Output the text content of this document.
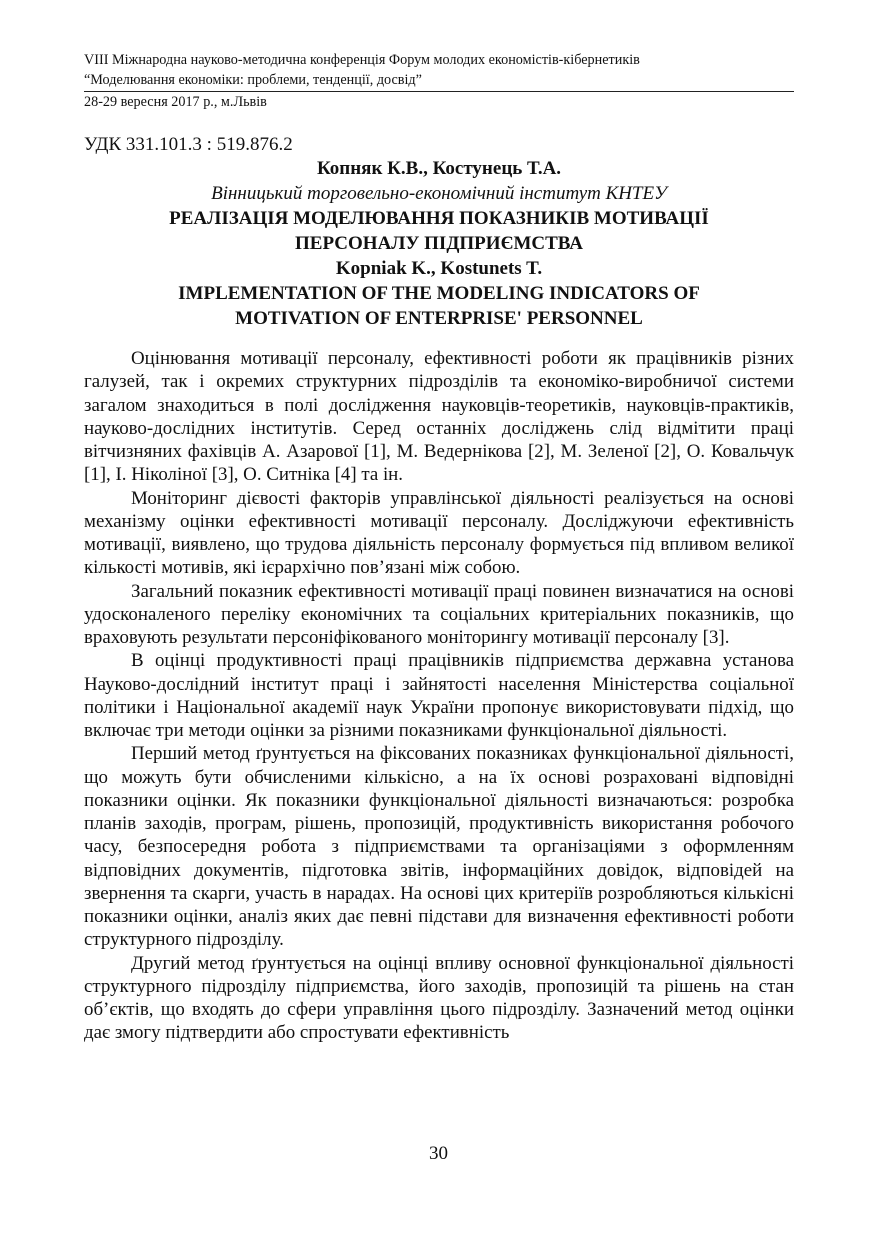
VIII Міжнародна науково-методична конференція Форум молодих економістів-кібернетиків
“Моделювання економіки: проблеми, тенденції, досвід”
28-29 вересня 2017 р., м.Львів
УДК 331.101.3 : 519.876.2
Копняк К.В., Костунець Т.А.
Вінницький торговельно-економічний інститут КНТЕУ
РЕАЛІЗАЦІЯ МОДЕЛЮВАННЯ ПОКАЗНИКІВ МОТИВАЦІЇ
ПЕРСОНАЛУ ПІДПРИЄМСТВА
Kopniak K., Kostunets T.
IMPLEMENTATION OF THE MODELING INDICATORS OF
MOTIVATION OF ENTERPRISE' PERSONNEL

Оцінювання мотивації персоналу, ефективності роботи як працівників різних галузей, так і окремих структурних підрозділів та економіко-виробничої системи загалом знаходиться в полі дослідження науковців-теоретиків, науковців-практиків, науково-дослідних інститутів. Серед останніх досліджень слід відмітити праці вітчизняних фахівців А. Азарової [1], М. Ведернікова [2], М. Зеленої [2], О. Ковальчук [1], І. Ніколіної [3], О. Ситніка [4] та ін.

Моніторинг дієвості факторів управлінської діяльності реалізується на основі механізму оцінки ефективності мотивації персоналу. Досліджуючи ефективність мотивації, виявлено, що трудова діяльність персоналу формується під впливом великої кількості мотивів, які ієрархічно пов’язані між собою.

Загальний показник ефективності мотивації праці повинен визначатися на основі удосконаленого переліку економічних та соціальних критеріальних показників, що враховують результати персоніфікованого моніторингу мотивації персоналу [3].

В оцінці продуктивності праці працівників підприємства державна установа Науково-дослідний інститут праці і зайнятості населення Міністерства соціальної політики і Національної академії наук України пропонує використовувати підхід, що включає три методи оцінки за різними показниками функціональної діяльності.

Перший метод ґрунтується на фіксованих показниках функціональної діяльності, що можуть бути обчисленими кількісно, а на їх основі розраховані відповідні показники оцінки. Як показники функціональної діяльності визначаються: розробка планів заходів, програм, рішень, пропозицій, продуктивність використання робочого часу, безпосередня робота з підприємствами та організаціями з оформленням відповідних документів, підготовка звітів, інформаційних довідок, відповідей на звернення та скарги, участь в нарадах. На основі цих критеріїв розробляються кількісні показники оцінки, аналіз яких дає певні підстави для визначення ефективності роботи структурного підрозділу.

Другий метод ґрунтується на оцінці впливу основної функціональної діяльності структурного підрозділу підприємства, його заходів, пропозицій та рішень на стан об’єктів, що входять до сфери управління цього підрозділу. Зазначений метод оцінки дає змогу підтвердити або спростувати ефективність

30
